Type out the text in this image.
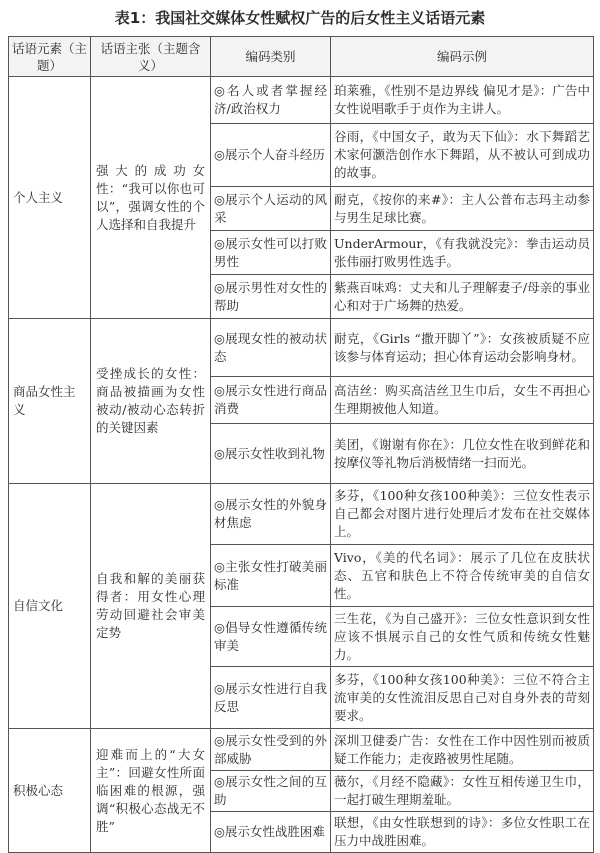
表1：我国社交媒体女性赋权广告的后女性主义话语元素
话语元素（主题）	话语主张（主题含义）	编码类别	编码示例
个人主义	强大的成功女性：“我可以你也可以”，强调女性的个人选择和自我提升	◎名人或者掌握经济/政治权力	珀莱雅，《性别不是边界线 偏见才是》：广告中女性说唱歌手于贞作为主讲人。
		◎展示个人奋斗经历	谷雨，《中国女子，敢为天下仙》：水下舞蹈艺术家何灏浩创作水下舞蹈，从不被认可到成功的故事。
		◎展示个人运动的风采	耐克，《按你的来#》：主人公普布志玛主动参与男生足球比赛。
		◎展示女性可以打败男性	UnderArmour，《有我就没完》：拳击运动员张伟丽打败男性选手。
		◎展示男性对女性的帮助	紫燕百味鸡：丈夫和儿子理解妻子/母亲的事业心和对于广场舞的热爱。
商品女性主义	受挫成长的女性：商品被描画为女性被动/被动心态转折的关键因素	◎展现女性的被动状态	耐克，《Girls “撒开脚丫”》：女孩被质疑不应该参与体育运动；担心体育运动会影响身材。
		◎展示女性进行商品消费	高洁丝：购买高洁丝卫生巾后，女生不再担心生理期被他人知道。
		◎展示女性收到礼物	美团，《谢谢有你在》：几位女性在收到鲜花和按摩仪等礼物后消极情绪一扫而光。
自信文化	自我和解的美丽获得者：用女性心理劳动回避社会审美定势	◎展示女性的外貌身材焦虑	多芬，《100种女孩100种美》：三位女性表示自己都会对图片进行处理后才发布在社交媒体上。
		◎主张女性打破美丽标准	Vivo，《美的代名词》：展示了几位在皮肤状态、五官和肤色上不符合传统审美的自信女性。
		◎倡导女性遵循传统审美	三生花，《为自己盛开》：三位女性意识到女性应该不惧展示自己的女性气质和传统女性魅力。
		◎展示女性进行自我反思	多芬，《100种女孩100种美》：三位不符合主流审美的女性流泪反思自己对自身外表的苛刻要求。
积极心态	迎难而上的“大女主”：回避女性所面临困难的根源，强调“积极心态战无不胜”	◎展示女性受到的外部威胁	深圳卫健委广告：女性在工作中因性别而被质疑工作能力；走夜路被男性尾随。
		◎展示女性之间的互助	薇尔，《月经不隐藏》：女性互相传递卫生巾，一起打破生理期羞耻。
		◎展示女性战胜困难	联想，《由女性联想到的诗》：多位女性职工在压力中战胜困难。
